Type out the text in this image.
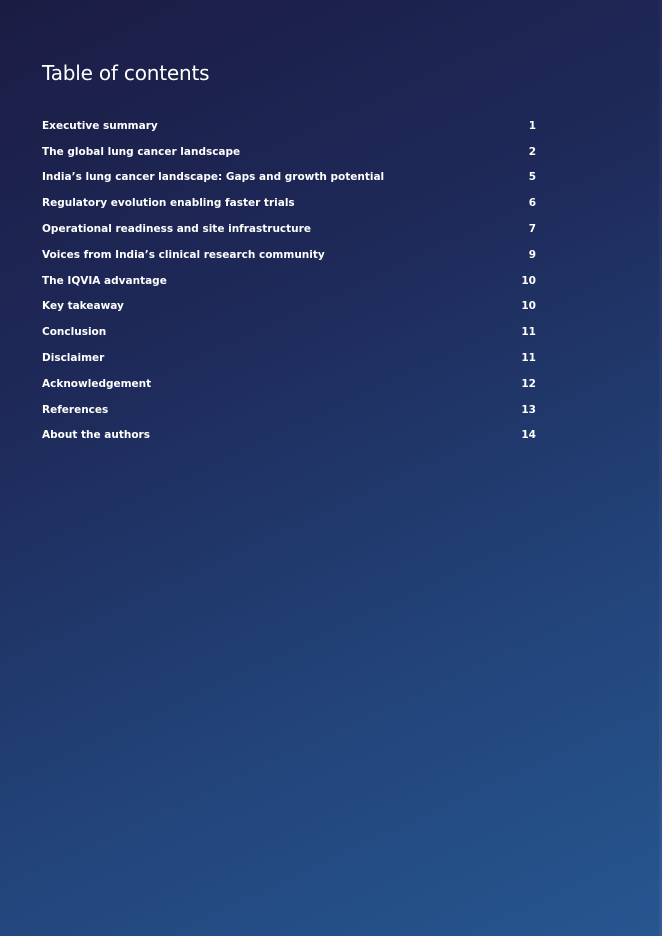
Table of contents
Executive summary	1
The global lung cancer landscape	2
India’s lung cancer landscape: Gaps and growth potential	5
Regulatory evolution enabling faster trials	6
Operational readiness and site infrastructure	7
Voices from India’s clinical research community	9
The IQVIA advantage	10
Key takeaway	10
Conclusion	11
Disclaimer	11
Acknowledgement	12
References	13
About the authors	14
